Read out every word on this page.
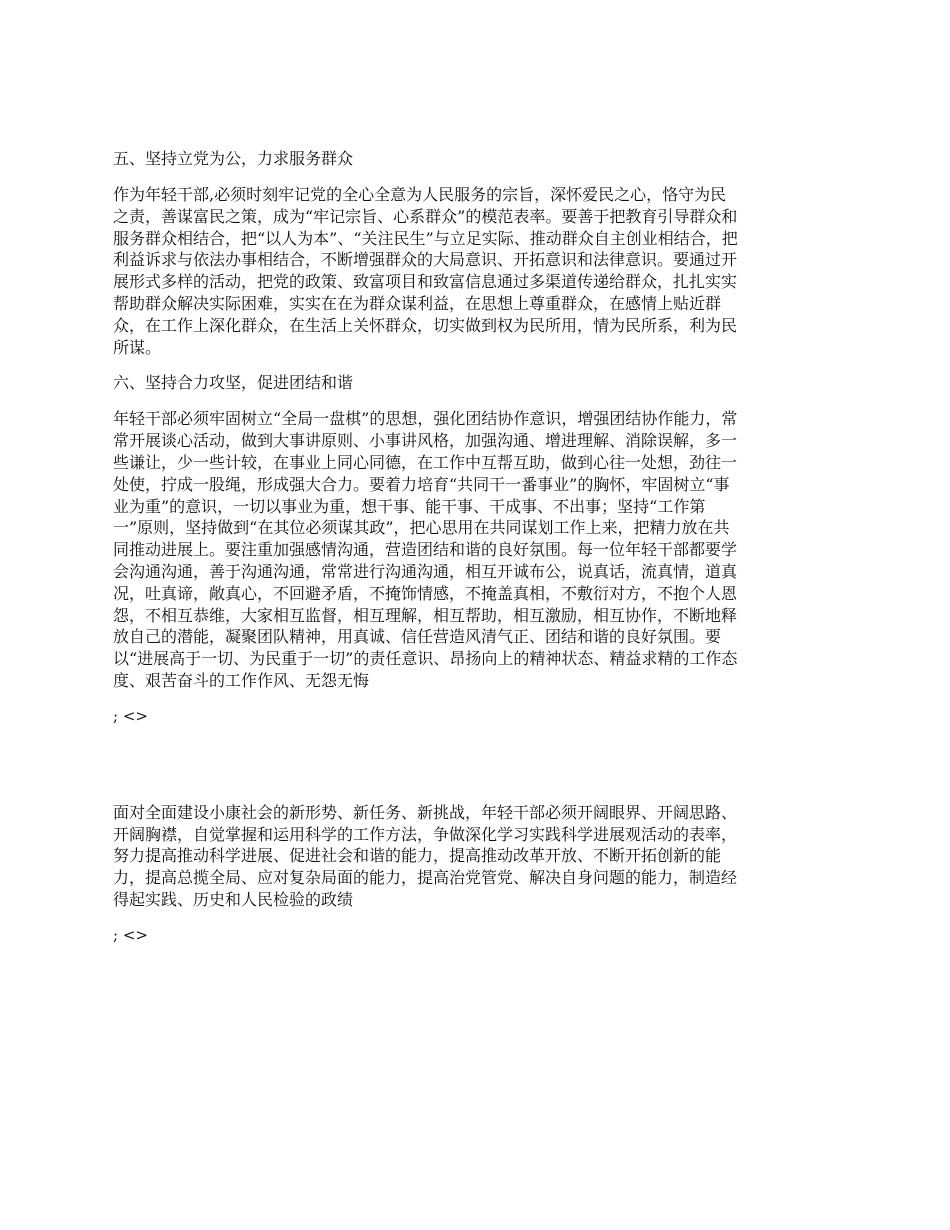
五、坚持立党为公，力求服务群众
作为年轻干部,必须时刻牢记党的全心全意为人民服务的宗旨，深怀爱民之心，恪守为民
之责，善谋富民之策，成为“牢记宗旨、心系群众”的模范表率。要善于把教育引导群众和
服务群众相结合，把“以人为本”、“关注民生”与立足实际、推动群众自主创业相结合，把
利益诉求与依法办事相结合，不断增强群众的大局意识、开拓意识和法律意识。要通过开
展形式多样的活动，把党的政策、致富项目和致富信息通过多渠道传递给群众，扎扎实实
帮助群众解决实际困难，实实在在为群众谋利益，在思想上尊重群众，在感情上贴近群
众，在工作上深化群众，在生活上关怀群众，切实做到权为民所用，情为民所系，利为民
所谋。
六、坚持合力攻坚，促进团结和谐
年轻干部必须牢固树立“全局一盘棋”的思想，强化团结协作意识，增强团结协作能力，常
常开展谈心活动，做到大事讲原则、小事讲风格，加强沟通、增进理解、消除误解，多一
些谦让，少一些计较，在事业上同心同德，在工作中互帮互助，做到心往一处想，劲往一
处使，拧成一股绳，形成强大合力。要着力培育“共同干一番事业”的胸怀，牢固树立“事
业为重”的意识，一切以事业为重，想干事、能干事、干成事、不出事；坚持“工作第
一”原则，坚持做到“在其位必须谋其政”，把心思用在共同谋划工作上来，把精力放在共
同推动进展上。要注重加强感情沟通，营造团结和谐的良好氛围。每一位年轻干部都要学
会沟通沟通，善于沟通沟通，常常进行沟通沟通，相互开诚布公，说真话，流真情，道真
况，吐真谛，敞真心，不回避矛盾，不掩饰情感，不掩盖真相，不敷衍对方，不抱个人恩
怨，不相互恭维，大家相互监督，相互理解，相互帮助，相互激励，相互协作，不断地释
放自己的潜能，凝聚团队精神，用真诚、信任营造风清气正、团结和谐的良好氛围。要
以“进展高于一切、为民重于一切”的责任意识、昂扬向上的精神状态、精益求精的工作态
度、艰苦奋斗的工作作风、无怨无悔
; <>
面对全面建设小康社会的新形势、新任务、新挑战，年轻干部必须开阔眼界、开阔思路、
开阔胸襟，自觉掌握和运用科学的工作方法，争做深化学习实践科学进展观活动的表率，
努力提高推动科学进展、促进社会和谐的能力，提高推动改革开放、不断开拓创新的能
力，提高总揽全局、应对复杂局面的能力，提高治党管党、解决自身问题的能力，制造经
得起实践、历史和人民检验的政绩
; <>
